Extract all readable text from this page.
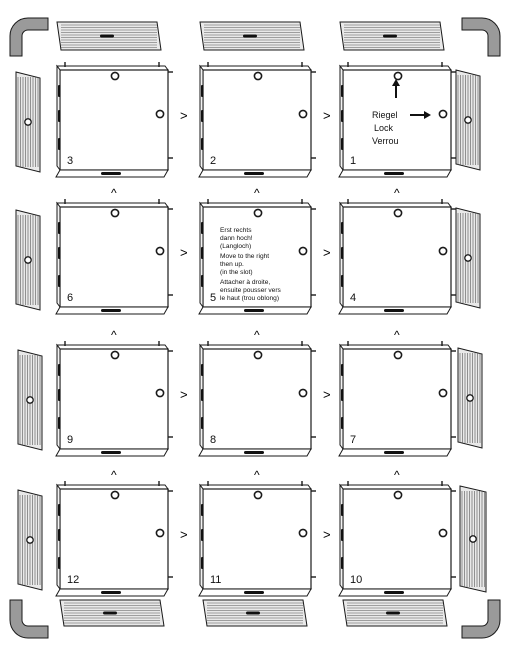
3	2	1
6	5	4
9	8	7
12	11	10
>	>
>
^
>
^	^
>
^
>
^	^
>
^
>
^	^
Riegel
Lock
Verrou
Erst rechts
dann hoch!
(Langloch)
Move to the right
then up.
(in the slot)
Attacher à droite,
ensuite pousser vers
le haut (trou oblong)
